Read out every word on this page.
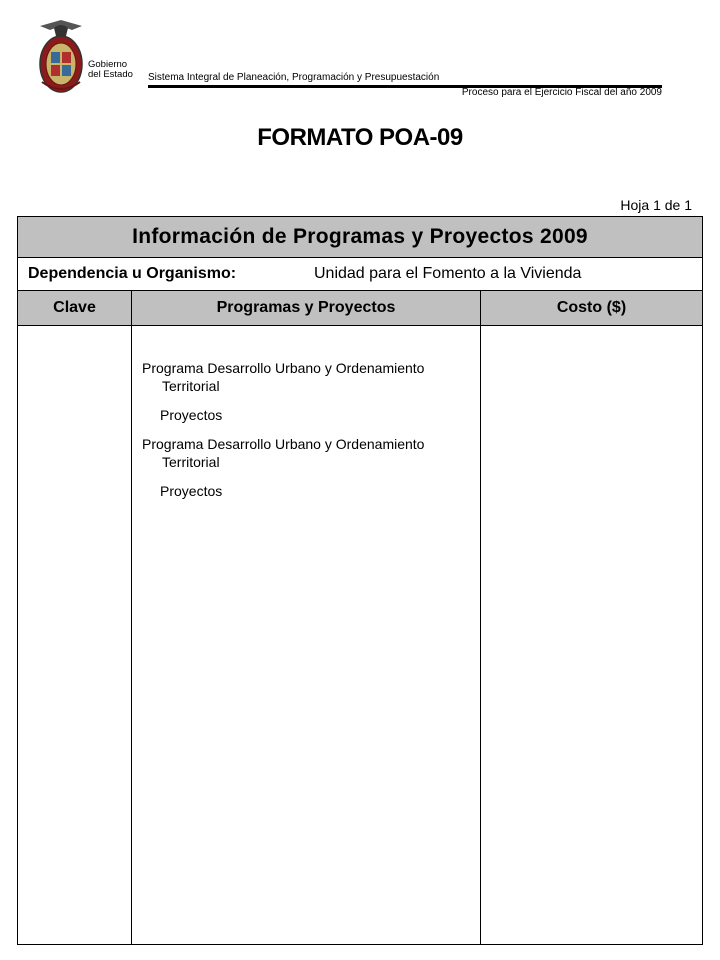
Gobierno
del Estado Sistema Integral de Planeación, Programación y Presupuestación
Proceso para el Ejercicio Fiscal del año 2009
FORMATO POA-09
Hoja 1 de 1
Información de Programas y Proyectos 2009
Dependencia u Organismo:	Unidad para el Fomento a la Vivienda
Clave	Programas y Proyectos	Costo ($)
Programa Desarrollo Urbano y Ordenamiento Territorial
Proyectos
Programa Desarrollo Urbano y Ordenamiento Territorial
Proyectos
